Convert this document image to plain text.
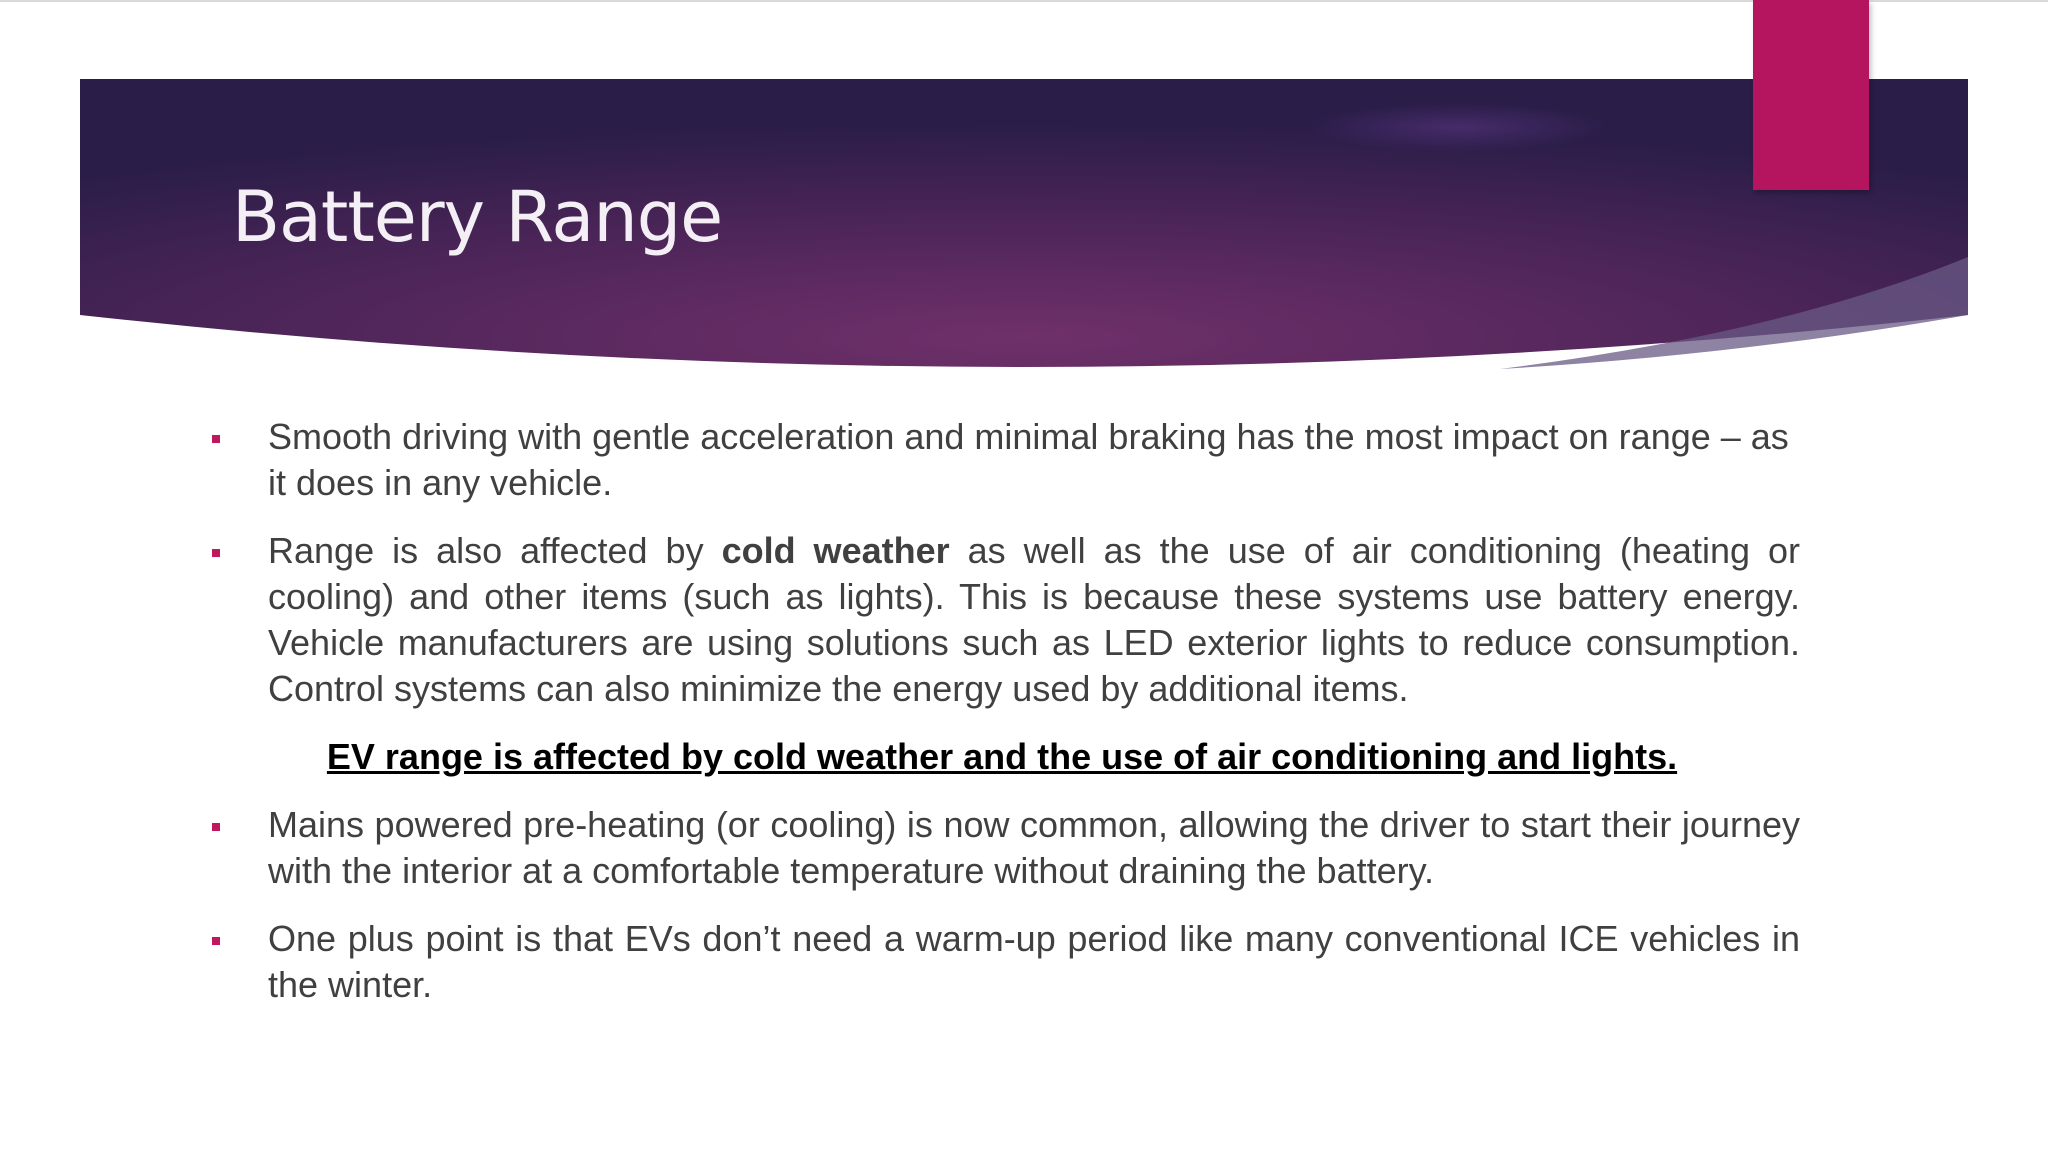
Battery Range
Smooth driving with gentle acceleration and minimal braking has the most impact on range – as it does in any vehicle.
Range is also affected by cold weather as well as the use of air conditioning (heating or cooling) and other items (such as lights). This is because these systems use battery energy. Vehicle manufacturers are using solutions such as LED exterior lights to reduce consumption. Control systems can also minimize the energy used by additional items.
EV range is affected by cold weather and the use of air conditioning and lights.
Mains powered pre-heating (or cooling) is now common, allowing the driver to start their journey with the interior at a comfortable temperature without draining the battery.
One plus point is that EVs don’t need a warm-up period like many conventional ICE vehicles in the winter.
